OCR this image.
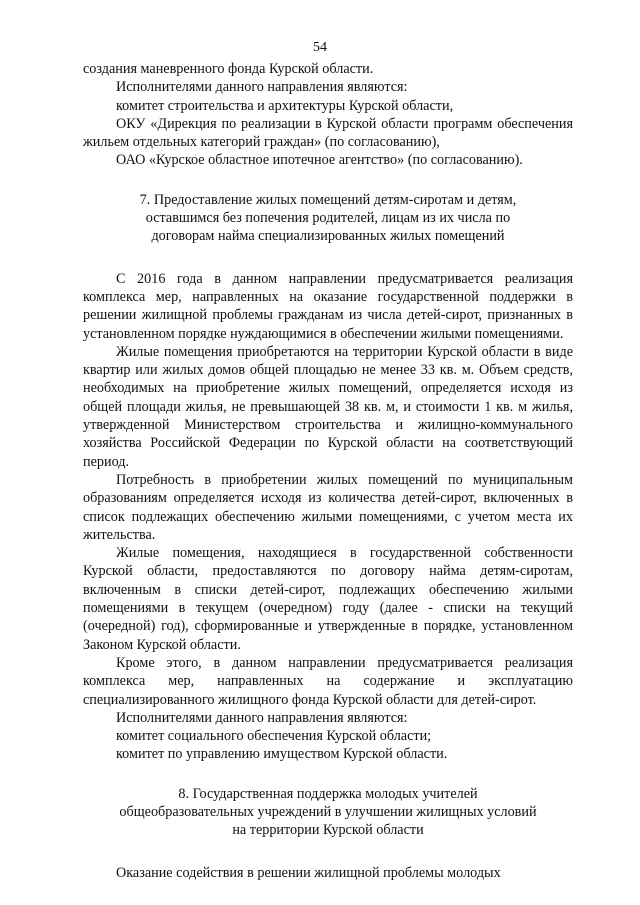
54

создания маневренного фонда Курской области.

Исполнителями данного направления являются:

комитет строительства и архитектуры Курской области,

ОКУ «Дирекция по реализации в Курской области программ обеспечения жильем отдельных категорий граждан» (по согласованию),

ОАО «Курское областное ипотечное агентство» (по согласованию).

7. Предоставление жилых помещений детям-сиротам и детям,
оставшимся без попечения родителей, лицам из их числа по
договорам найма специализированных жилых помещений

С 2016 года в данном направлении предусматривается реализация комплекса мер, направленных на оказание государственной поддержки в решении жилищной проблемы гражданам из числа детей-сирот, признанных в установленном порядке нуждающимися в обеспечении жилыми помещениями.

Жилые помещения приобретаются на территории Курской области в виде квартир или жилых домов общей площадью не менее 33 кв. м. Объем средств, необходимых на приобретение жилых помещений, определяется исходя из общей площади жилья, не превышающей 38 кв. м, и стоимости 1 кв. м жилья, утвержденной Министерством строительства и жилищно-коммунального хозяйства Российской Федерации по Курской области на соответствующий период.

Потребность в приобретении жилых помещений по муниципальным образованиям определяется исходя из количества детей-сирот, включенных в список подлежащих обеспечению жилыми помещениями, с учетом места их жительства.

Жилые помещения, находящиеся в государственной собственности Курской области, предоставляются по договору найма детям-сиротам, включенным в списки детей-сирот, подлежащих обеспечению жилыми помещениями в текущем (очередном) году (далее - списки на текущий (очередной) год), сформированные и утвержденные в порядке, установленном Законом Курской области.

Кроме этого, в данном направлении предусматривается реализация комплекса мер, направленных на содержание и эксплуатацию специализированного жилищного фонда Курской области для детей-сирот.

Исполнителями данного направления являются:

комитет социального обеспечения Курской области;

комитет по управлению имуществом Курской области.

8. Государственная поддержка молодых учителей
общеобразовательных учреждений в улучшении жилищных условий
на территории Курской области

Оказание содействия в решении жилищной проблемы молодых
